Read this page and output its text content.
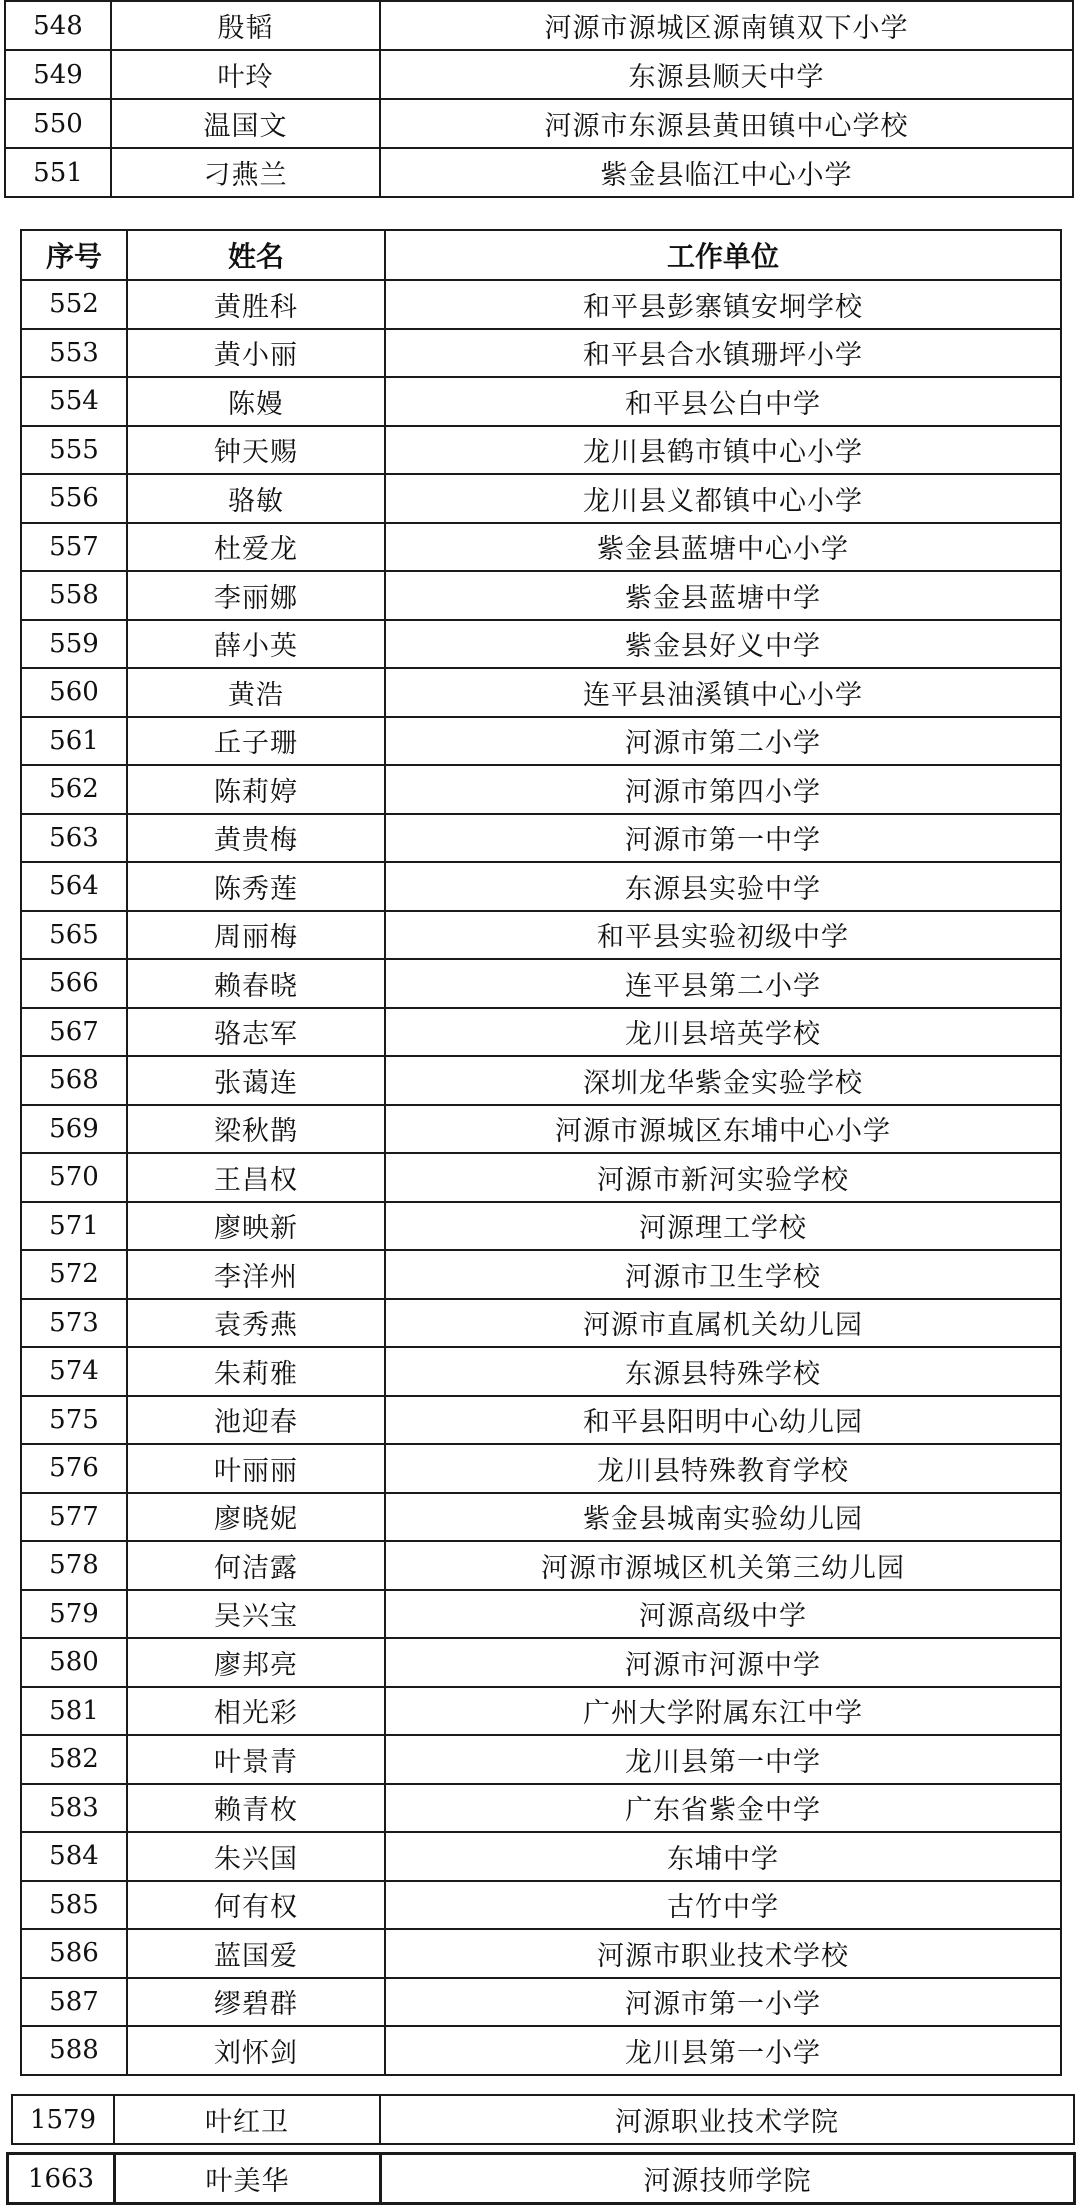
548	殷韬	河源市源城区源南镇双下小学
549	叶玲	东源县顺天中学
550	温国文	河源市东源县黄田镇中心学校
551	刁燕兰	紫金县临江中心小学
序号	姓名	工作单位
552	黄胜科	和平县彭寨镇安坰学校
553	黄小丽	和平县合水镇珊坪小学
554	陈嫚	和平县公白中学
555	钟天赐	龙川县鹤市镇中心小学
556	骆敏	龙川县义都镇中心小学
557	杜爱龙	紫金县蓝塘中心小学
558	李丽娜	紫金县蓝塘中学
559	薛小英	紫金县好义中学
560	黄浩	连平县油溪镇中心小学
561	丘子珊	河源市第二小学
562	陈莉婷	河源市第四小学
563	黄贵梅	河源市第一中学
564	陈秀莲	东源县实验中学
565	周丽梅	和平县实验初级中学
566	赖春晓	连平县第二小学
567	骆志军	龙川县培英学校
568	张蔼连	深圳龙华紫金实验学校
569	梁秋鹊	河源市源城区东埔中心小学
570	王昌权	河源市新河实验学校
571	廖映新	河源理工学校
572	李洋州	河源市卫生学校
573	袁秀燕	河源市直属机关幼儿园
574	朱莉雅	东源县特殊学校
575	池迎春	和平县阳明中心幼儿园
576	叶丽丽	龙川县特殊教育学校
577	廖晓妮	紫金县城南实验幼儿园
578	何洁露	河源市源城区机关第三幼儿园
579	吴兴宝	河源高级中学
580	廖邦亮	河源市河源中学
581	相光彩	广州大学附属东江中学
582	叶景青	龙川县第一中学
583	赖青枚	广东省紫金中学
584	朱兴国	东埔中学
585	何有权	古竹中学
586	蓝国爱	河源市职业技术学校
587	缪碧群	河源市第一小学
588	刘怀剑	龙川县第一小学
1579	叶红卫	河源职业技术学院
1663	叶美华	河源技师学院
